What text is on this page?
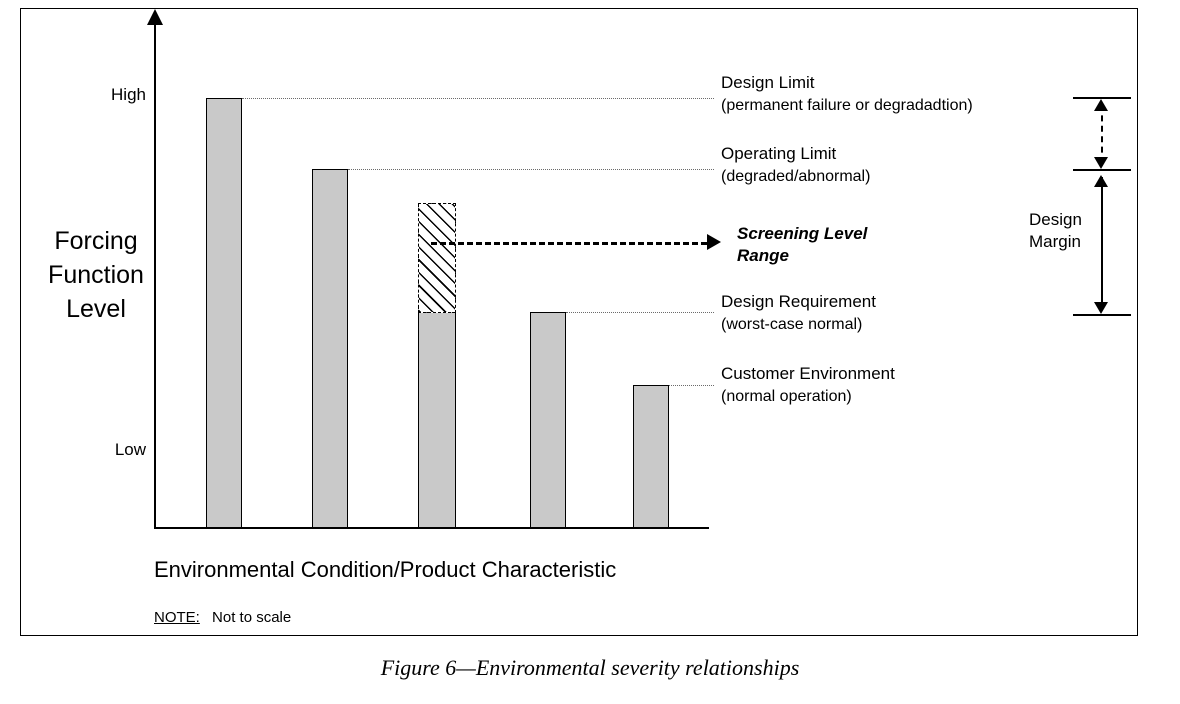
Forcing
Function
Level
High
Low
Screening Level
Range
Design Limit
(permanent failure or degradadtion)
Operating Limit
(degraded/abnormal)
Design Requirement
(worst-case normal)
Customer Environment
(normal operation)
Design
Margin
Environmental Condition/Product Characteristic
NOTE: Not to scale
Figure 6—Environmental severity relationships
